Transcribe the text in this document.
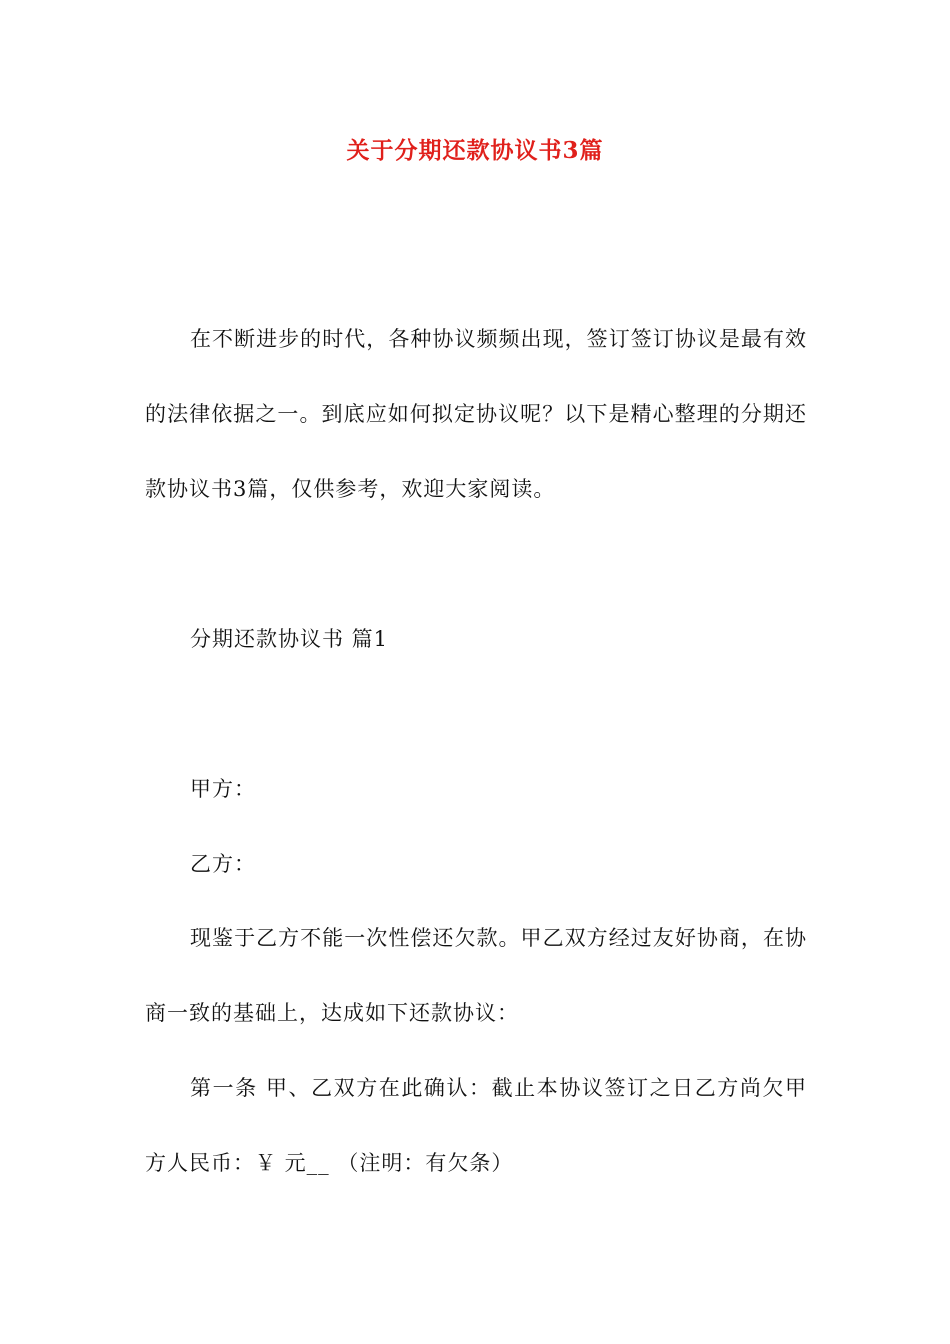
关于分期还款协议书3篇

在不断进步的时代，各种协议频频出现，签订签订协议是最有效的法律依据之一。到底应如何拟定协议呢？以下是精心整理的分期还款协议书3篇，仅供参考，欢迎大家阅读。

分期还款协议书 篇1

甲方：

乙方：

现鉴于乙方不能一次性偿还欠款。甲乙双方经过友好协商，在协商一致的基础上，达成如下还款协议：

第一条 甲、乙双方在此确认：截止本协议签订之日乙方尚欠甲方人民币：￥ 元__ （注明：有欠条）
